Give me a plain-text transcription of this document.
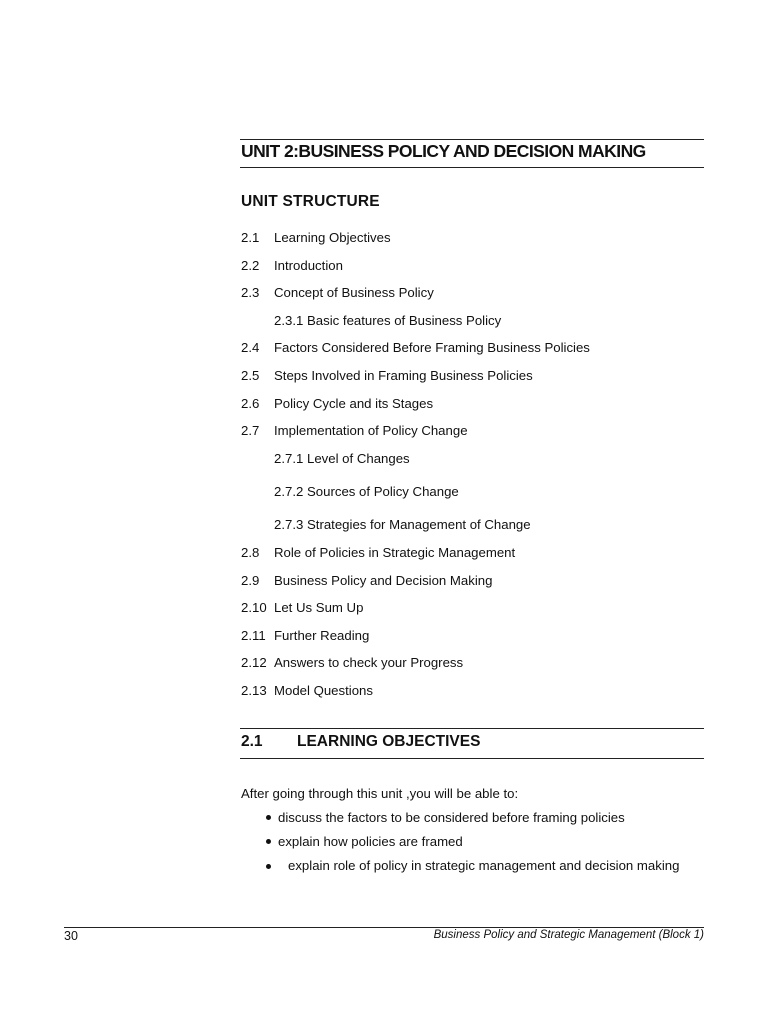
UNIT 2:BUSINESS POLICY AND DECISION MAKING
UNIT STRUCTURE
2.1 Learning Objectives
2.2 Introduction
2.3 Concept of Business Policy
2.3.1 Basic features of Business Policy
2.4 Factors Considered Before Framing Business Policies
2.5 Steps Involved in Framing Business Policies
2.6 Policy Cycle and its Stages
2.7 Implementation of Policy Change
2.7.1 Level of Changes
2.7.2 Sources of Policy Change
2.7.3 Strategies for Management of Change
2.8 Role of Policies in Strategic Management
2.9 Business Policy and Decision Making
2.10 Let Us Sum Up
2.11 Further Reading
2.12 Answers to check your Progress
2.13 Model Questions
2.1 LEARNING OBJECTIVES
After going through this unit ,you will be able to:
discuss the factors to be considered before framing policies
explain how policies are framed
explain role of policy in strategic management and decision making
30	Business Policy and Strategic Management (Block 1)
